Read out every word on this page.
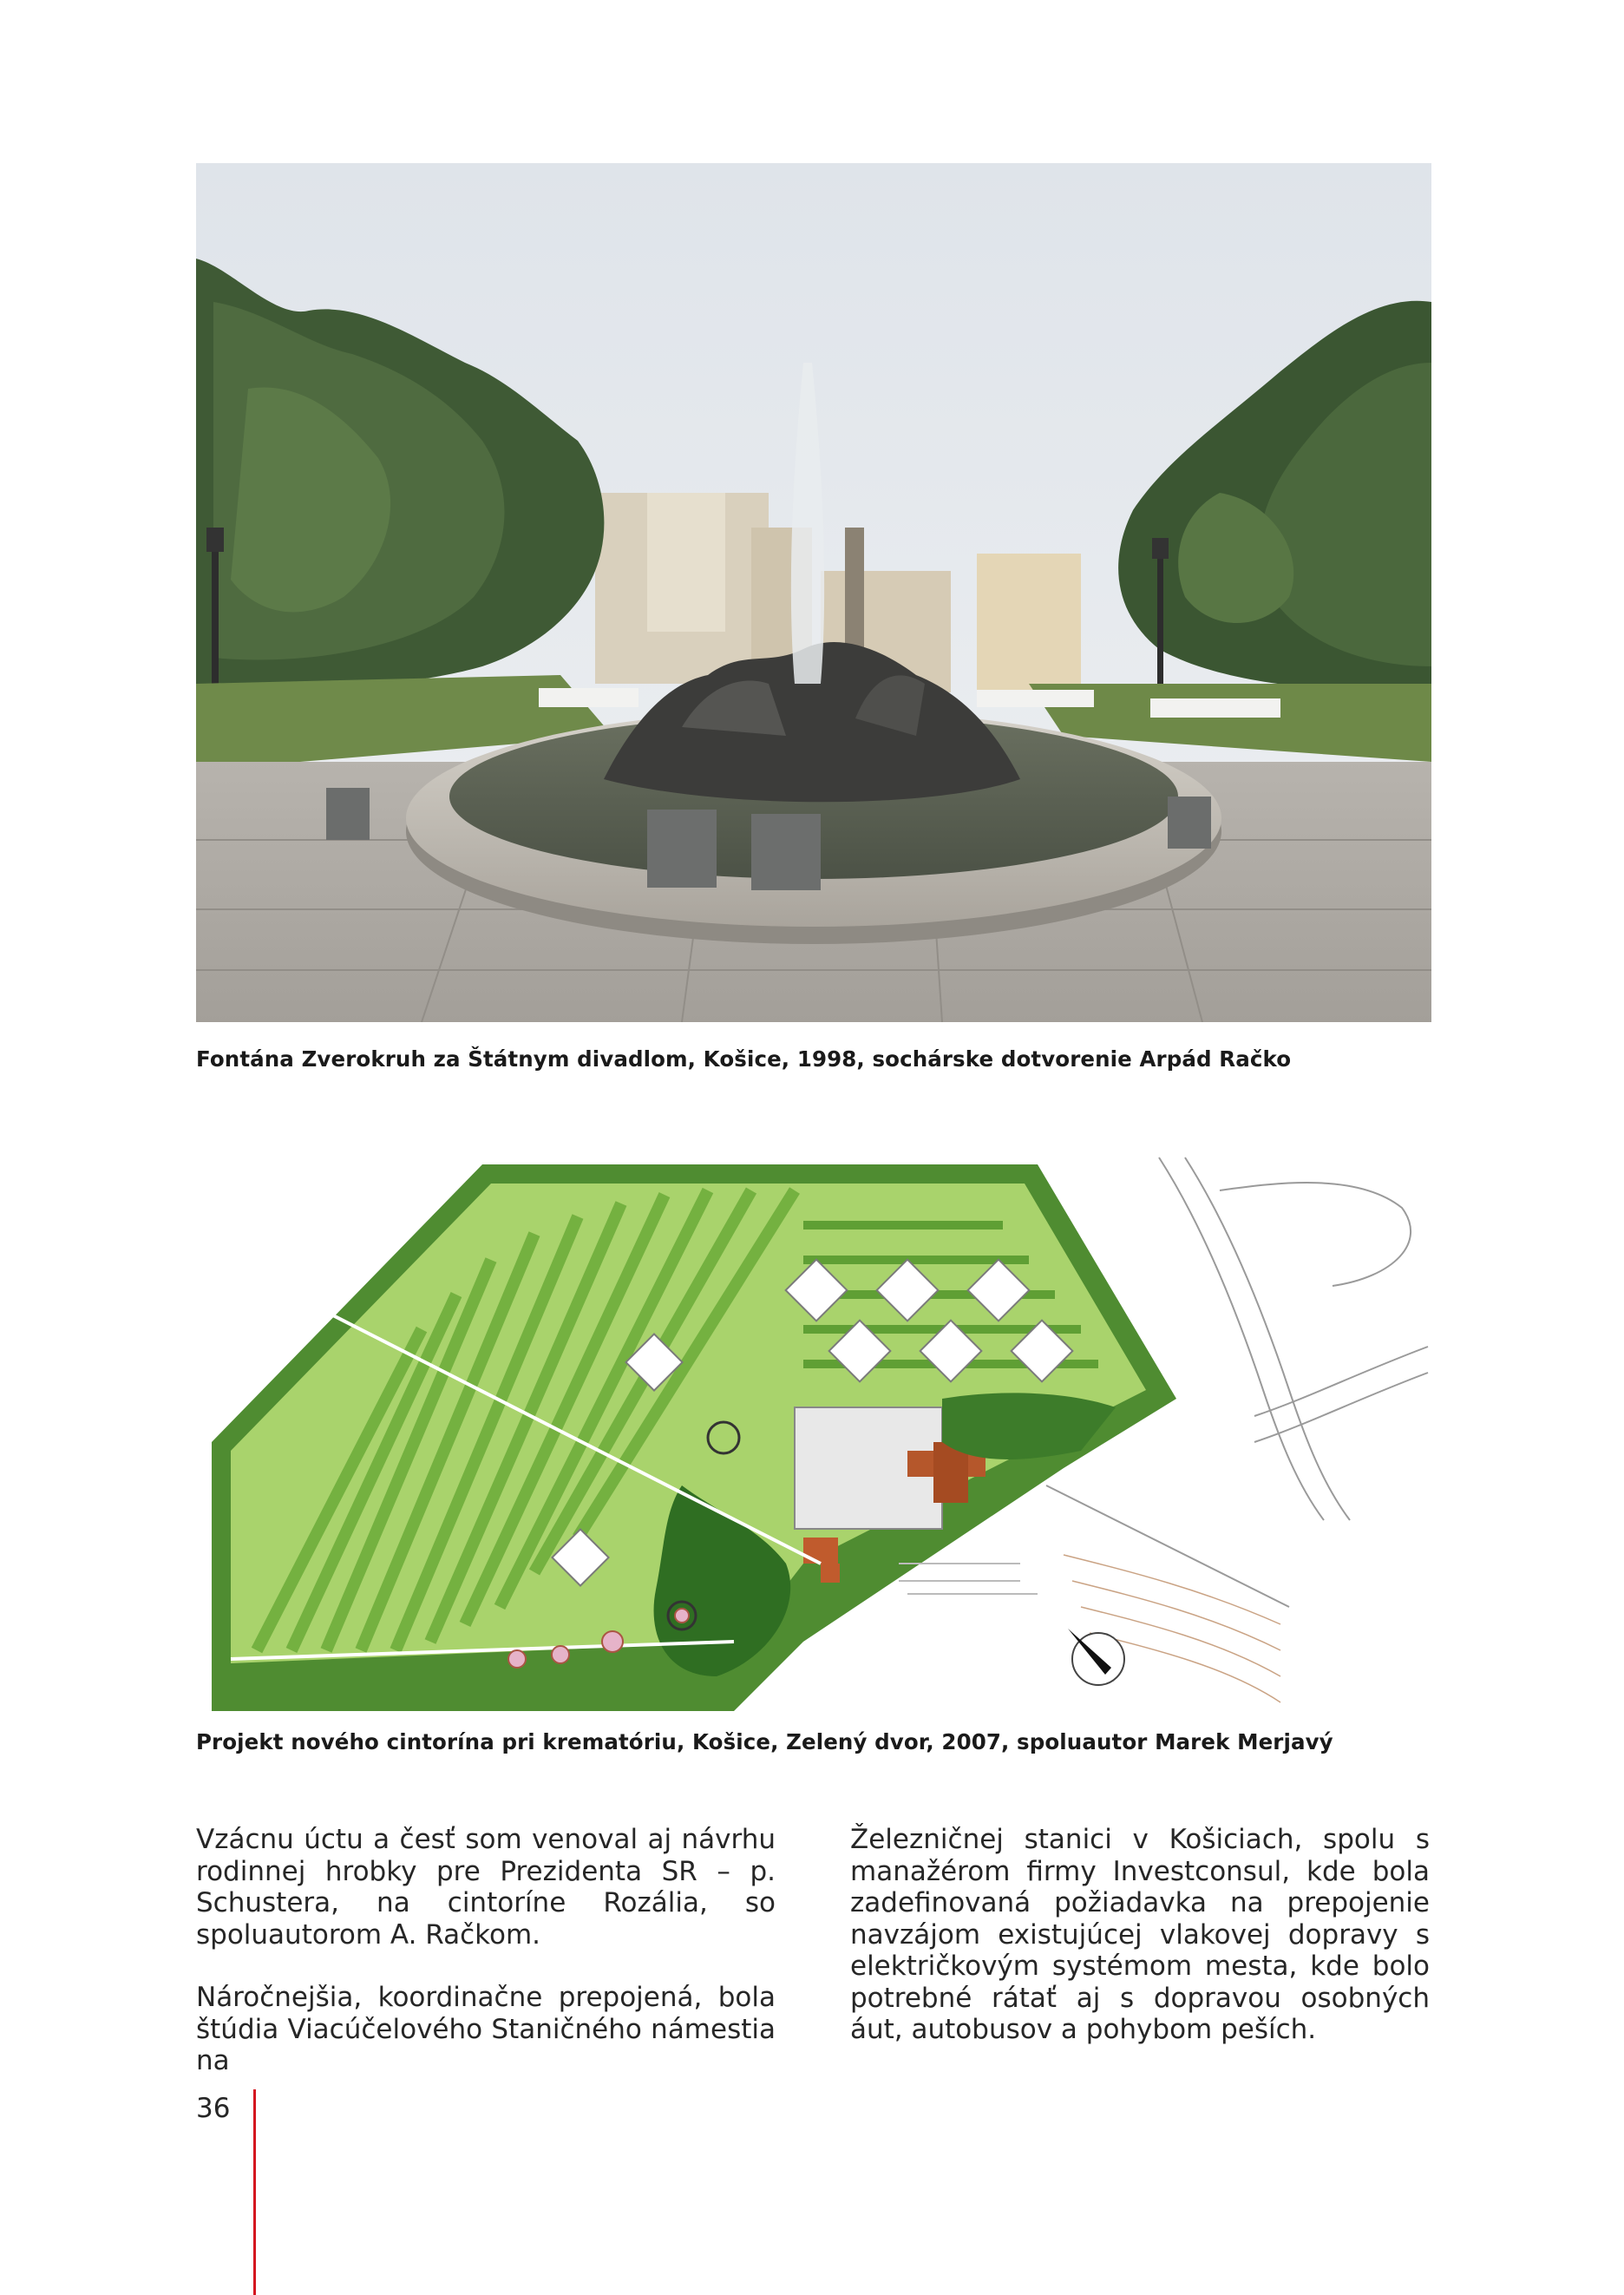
Fontána Zverokruh za Štátnym divadlom, Košice, 1998, sochárske dotvorenie Arpád Račko
Projekt nového cintorína pri krematóriu, Košice, Zelený dvor, 2007, spoluautor Marek Merjavý

Vzácnu úctu a česť som venoval aj návrhu rodinnej hrobky pre Prezidenta SR – p. Schustera, na cintoríne Rozália, so spoluautorom A. Račkom.

Náročnejšia, koordinačne prepojená, bola štúdia Viacúčelového Staničného námestia na

Železničnej stanici v Košiciach, spolu s manažérom firmy Investconsul, kde bola zadefinovaná požiadavka na prepojenie navzájom existujúcej vlakovej dopravy s električkovým systémom mesta, kde bolo potrebné rátať aj s dopravou osobných áut, autobusov a pohybom peších.

36
